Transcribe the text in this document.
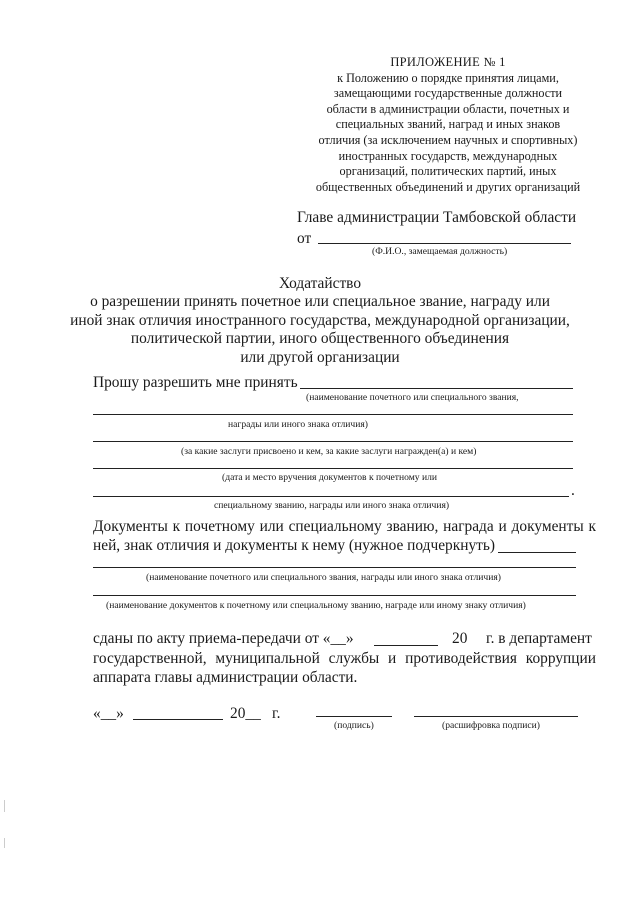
ПРИЛОЖЕНИЕ № 1
к Положению о порядке принятия лицами,
замещающими государственные должности
области в администрации области, почетных и
специальных званий, наград и иных знаков
отличия (за исключением научных и спортивных)
иностранных государств, международных
организаций, политических партий, иных
общественных объединений и других организаций
Главе администрации Тамбовской области
от
(Ф.И.О., замещаемая должность)
Ходатайство
о разрешении принять почетное или специальное звание, награду или
иной знак отличия иностранного государства, международной организации,
политической партии, иного общественного объединения
или другой организации
Прошу разрешить мне принять
(наименование почетного или специального звания,
награды или иного знака отличия)
(за какие заслуги присвоено и кем, за какие заслуги награжден(а) и кем)
(дата и место вручения документов к почетному или
.
специальному званию, награды или иного знака отличия)
Документы к почетному или специальному званию, награда и документы к
ней, знак отличия и документы к нему (нужное подчеркнуть)
(наименование почетного или специального звания, награды или иного знака отличия)
(наименование документов к почетному или специальному званию, награде или иному знаку отличия)
сданы по акту приема-передачи от «__»	20 г. в департамент
государственной, муниципальной службы и противодействия коррупции
аппарата главы администрации области.
«__»	20__ г.
(подпись)	(расшифровка подписи)
